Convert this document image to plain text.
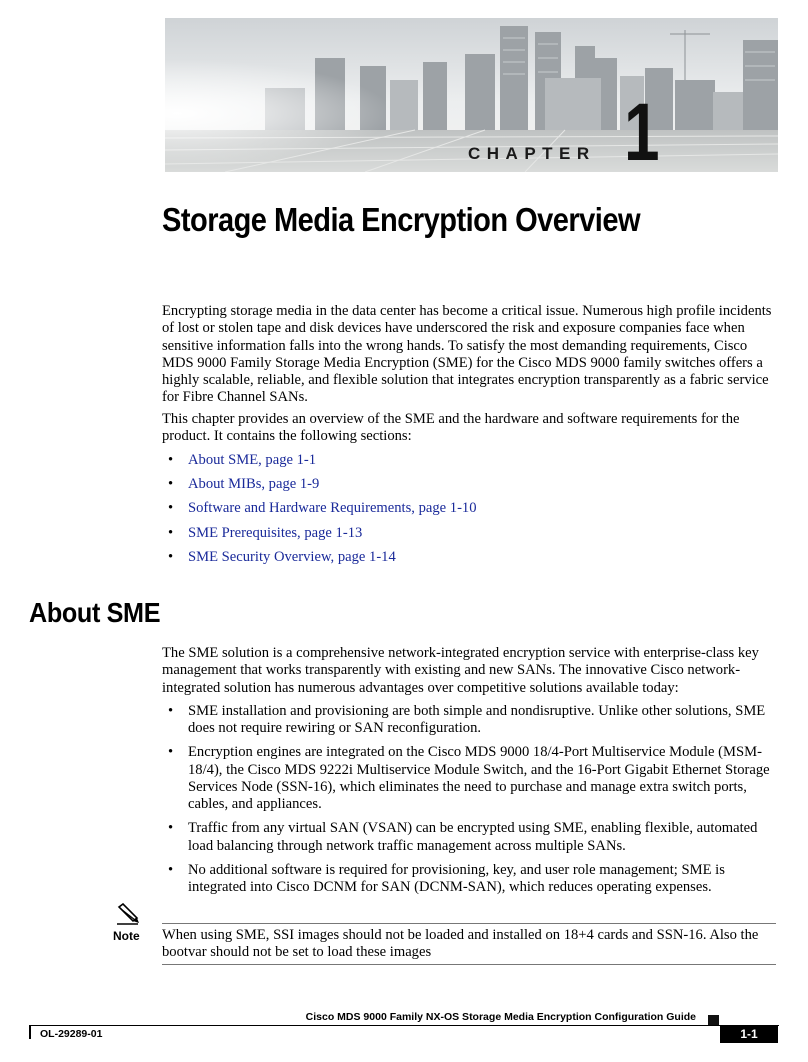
CHAPTER 1
Storage Media Encryption Overview

Encrypting storage media in the data center has become a critical issue. Numerous high profile incidents of lost or stolen tape and disk devices have underscored the risk and exposure companies face when sensitive information falls into the wrong hands. To satisfy the most demanding requirements, Cisco MDS 9000 Family Storage Media Encryption (SME) for the Cisco MDS 9000 family switches offers a highly scalable, reliable, and flexible solution that integrates encryption transparently as a fabric service for Fibre Channel SANs.

This chapter provides an overview of the SME and the hardware and software requirements for the product. It contains the following sections:

• About SME, page 1-1
• About MIBs, page 1-9
• Software and Hardware Requirements, page 1-10
• SME Prerequisites, page 1-13
• SME Security Overview, page 1-14
About SME

The SME solution is a comprehensive network-integrated encryption service with enterprise-class key management that works transparently with existing and new SANs. The innovative Cisco network-integrated solution has numerous advantages over competitive solutions available today:

• SME installation and provisioning are both simple and nondisruptive. Unlike other solutions, SME does not require rewiring or SAN reconfiguration.
• Encryption engines are integrated on the Cisco MDS 9000 18/4-Port Multiservice Module (MSM-18/4), the Cisco MDS 9222i Multiservice Module Switch, and the 16-Port Gigabit Ethernet Storage Services Node (SSN-16), which eliminates the need to purchase and manage extra switch ports, cables, and appliances.
• Traffic from any virtual SAN (VSAN) can be encrypted using SME, enabling flexible, automated load balancing through network traffic management across multiple SANs.
• No additional software is required for provisioning, key, and user role management; SME is integrated into Cisco DCNM for SAN (DCNM-SAN), which reduces operating expenses.
Note When using SME, SSI images should not be loaded and installed on 18+4 cards and SSN-16. Also the bootvar should not be set to load these images

Cisco MDS 9000 Family NX-OS Storage Media Encryption Configuration Guide
OL-29289-01	1-1
